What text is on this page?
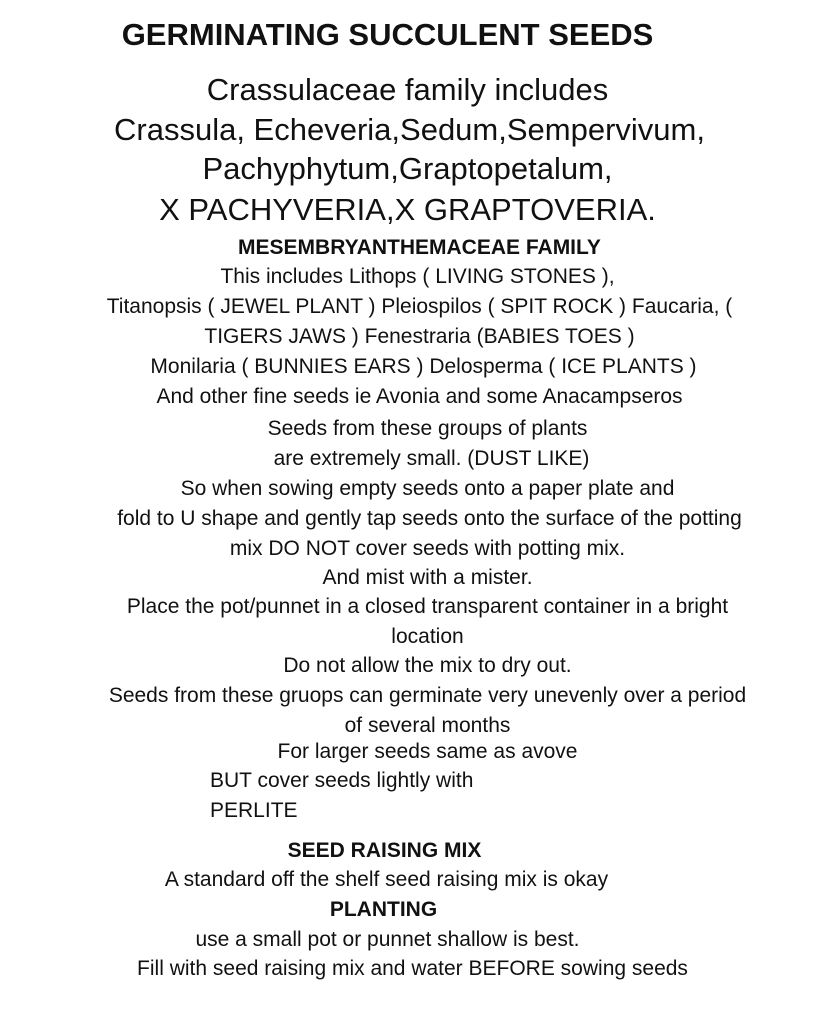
GERMINATING SUCCULENT SEEDS
Crassulaceae family includes
Crassula, Echeveria,Sedum,Sempervivum,
Pachyphytum,Graptopetalum,
X PACHYVERIA,X GRAPTOVERIA.
MESEMBRYANTHEMACEAE FAMILY
This includes Lithops ( LIVING STONES ),
Titanopsis ( JEWEL PLANT ) Pleiospilos ( SPIT ROCK ) Faucaria, (
TIGERS JAWS ) Fenestraria (BABIES TOES )
Monilaria ( BUNNIES EARS ) Delosperma ( ICE PLANTS )
And other fine seeds ie Avonia and some Anacampseros
Seeds from these groups of plants
are extremely small. (DUST LIKE)
So when sowing empty seeds onto a paper plate and
fold to U shape and gently tap seeds onto the surface of the potting
mix DO NOT cover seeds with potting mix.
And mist with a mister.
Place the pot/punnet in a closed transparent container in a bright
location
Do not allow the mix to dry out.
Seeds from these gruops can germinate very unevenly over a period
of several months
For larger seeds same as avove
BUT cover seeds lightly with
PERLITE
SEED RAISING MIX
A standard off the shelf seed raising mix is okay
PLANTING
use a small pot or punnet shallow is best.
Fill with seed raising mix and water BEFORE sowing seeds
